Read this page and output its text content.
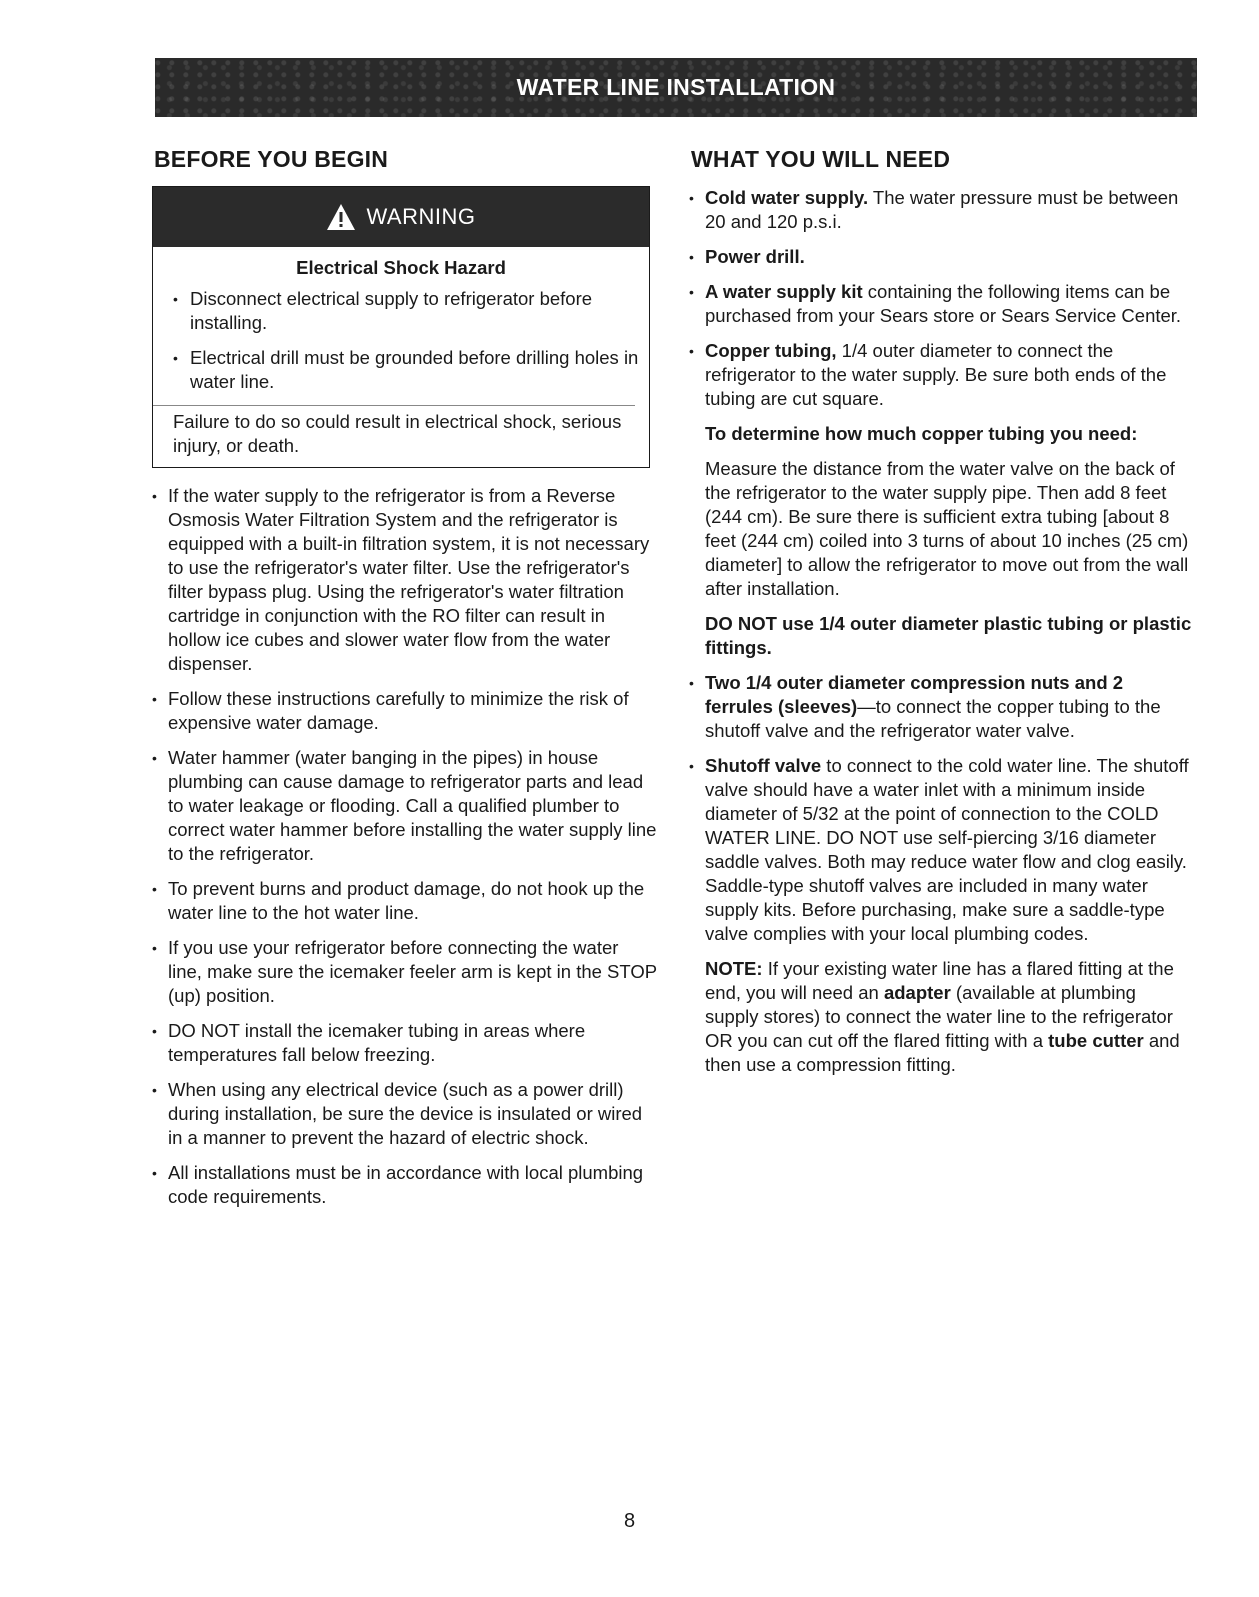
WATER LINE INSTALLATION
BEFORE YOU BEGIN
WARNING
Electrical Shock Hazard
• Disconnect electrical supply to refrigerator before installing.
• Electrical drill must be grounded before drilling holes in water line.
Failure to do so could result in electrical shock, serious injury, or death.
• If the water supply to the refrigerator is from a Reverse Osmosis Water Filtration System and the refrigerator is equipped with a built-in filtration system, it is not necessary to use the refrigerator's water filter. Use the refrigerator's filter bypass plug. Using the refrigerator's water filtration cartridge in conjunction with the RO filter can result in hollow ice cubes and slower water flow from the water dispenser.
• Follow these instructions carefully to minimize the risk of expensive water damage.
• Water hammer (water banging in the pipes) in house plumbing can cause damage to refrigerator parts and lead to water leakage or flooding. Call a qualified plumber to correct water hammer before installing the water supply line to the refrigerator.
• To prevent burns and product damage, do not hook up the water line to the hot water line.
• If you use your refrigerator before connecting the water line, make sure the icemaker feeler arm is kept in the STOP (up) position.
• DO NOT install the icemaker tubing in areas where temperatures fall below freezing.
• When using any electrical device (such as a power drill) during installation, be sure the device is insulated or wired in a manner to prevent the hazard of electric shock.
• All installations must be in accordance with local plumbing code requirements.
WHAT YOU WILL NEED
• Cold water supply. The water pressure must be between 20 and 120 p.s.i.
• Power drill.
• A water supply kit containing the following items can be purchased from your Sears store or Sears Service Center.
• Copper tubing, 1/4 outer diameter to connect the refrigerator to the water supply. Be sure both ends of the tubing are cut square.

To determine how much copper tubing you need:

Measure the distance from the water valve on the back of the refrigerator to the water supply pipe. Then add 8 feet (244 cm). Be sure there is sufficient extra tubing [about 8 feet (244 cm) coiled into 3 turns of about 10 inches (25 cm) diameter] to allow the refrigerator to move out from the wall after installation.

DO NOT use 1/4 outer diameter plastic tubing or plastic fittings.

• Two 1/4 outer diameter compression nuts and 2 ferrules (sleeves)—to connect the copper tubing to the shutoff valve and the refrigerator water valve.
• Shutoff valve to connect to the cold water line. The shutoff valve should have a water inlet with a minimum inside diameter of 5/32 at the point of connection to the COLD WATER LINE. DO NOT use self-piercing 3/16 diameter saddle valves. Both may reduce water flow and clog easily. Saddle-type shutoff valves are included in many water supply kits. Before purchasing, make sure a saddle-type valve complies with your local plumbing codes.

NOTE: If your existing water line has a flared fitting at the end, you will need an adapter (available at plumbing supply stores) to connect the water line to the refrigerator OR you can cut off the flared fitting with a tube cutter and then use a compression fitting.

8
